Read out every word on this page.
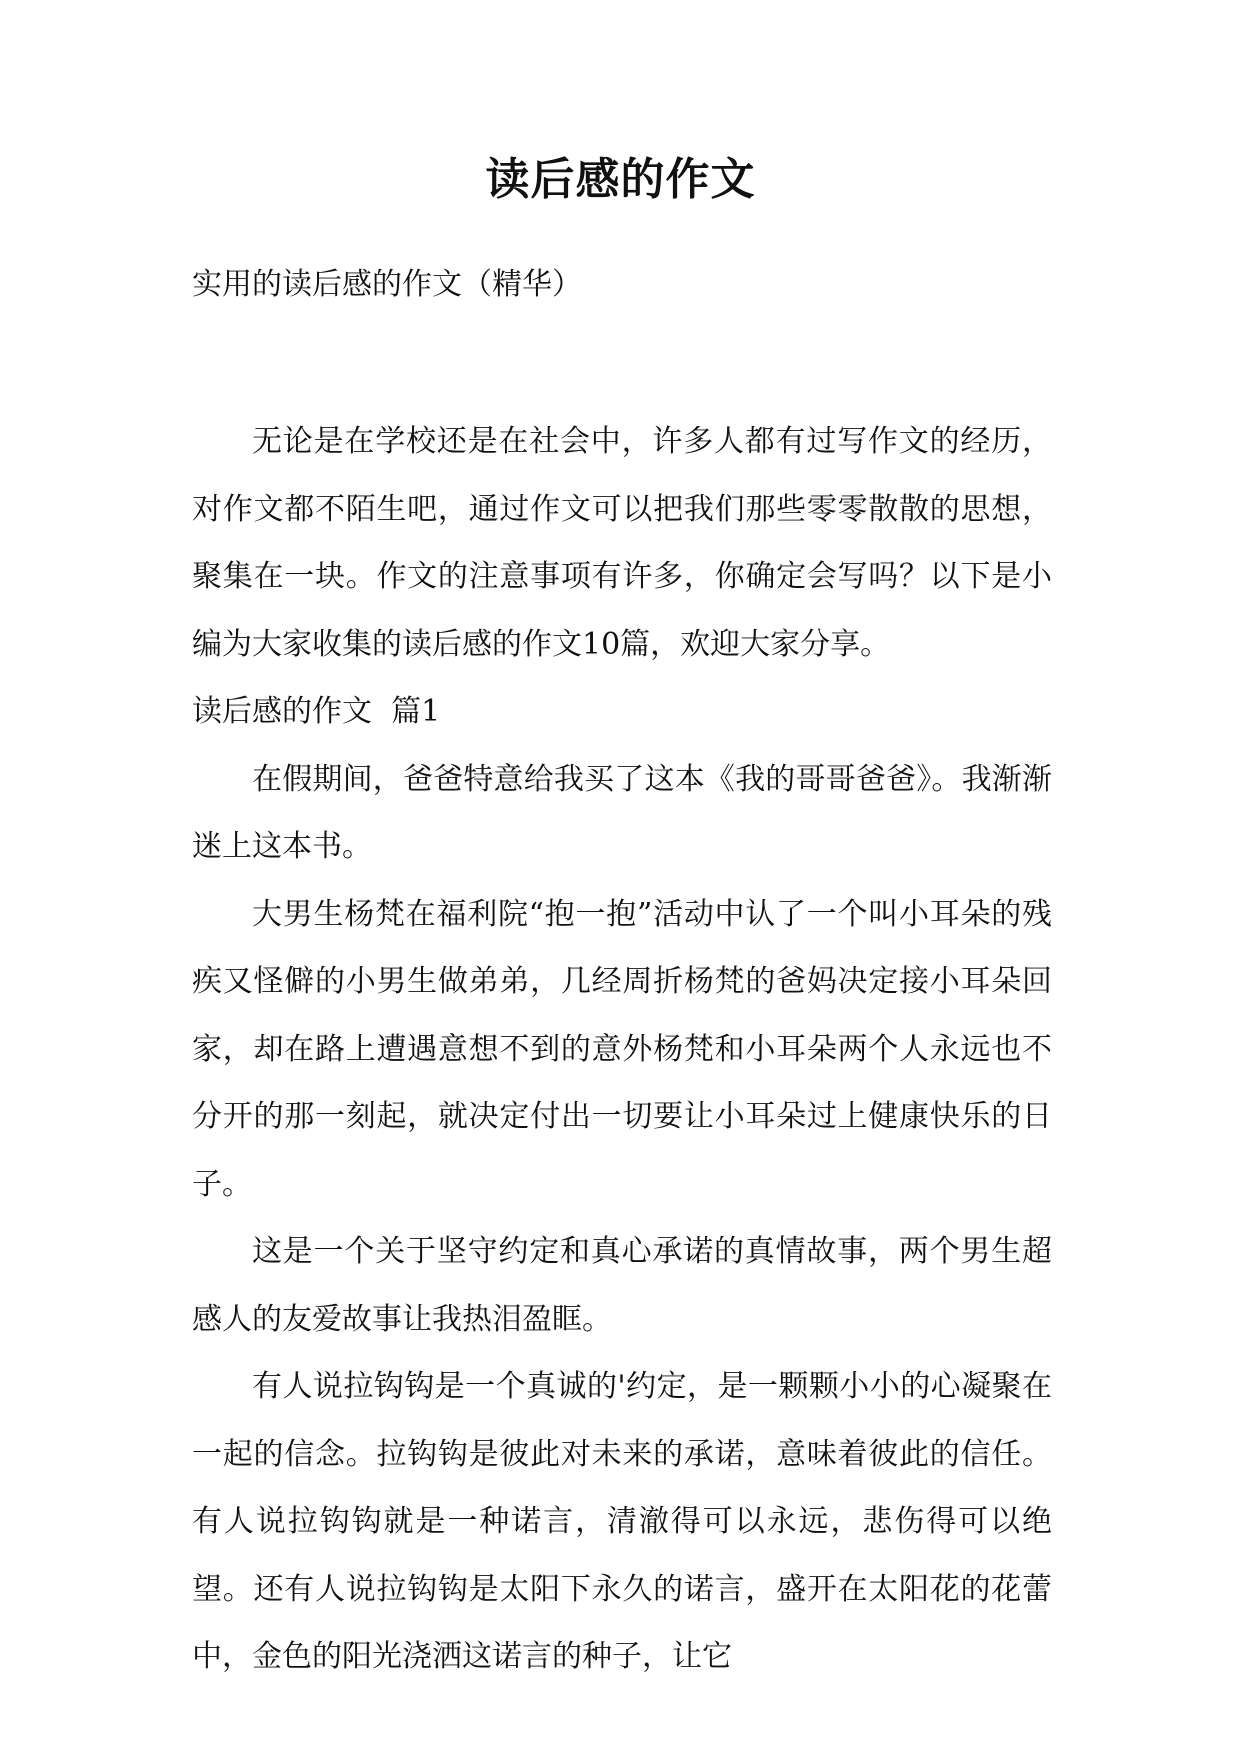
读后感的作文
实用的读后感的作文（精华）

无论是在学校还是在社会中，许多人都有过写作文的经历，对作文都不陌生吧，通过作文可以把我们那些零零散散的思想，聚集在一块。作文的注意事项有许多，你确定会写吗？以下是小编为大家收集的读后感的作文10篇，欢迎大家分享。

读后感的作文  篇1

在假期间，爸爸特意给我买了这本《我的哥哥爸爸》。我渐渐迷上这本书。

大男生杨梵在福利院“抱一抱”活动中认了一个叫小耳朵的残疾又怪僻的小男生做弟弟，几经周折杨梵的爸妈决定接小耳朵回家，却在路上遭遇意想不到的意外杨梵和小耳朵两个人永远也不分开的那一刻起，就决定付出一切要让小耳朵过上健康快乐的日子。

这是一个关于坚守约定和真心承诺的真情故事，两个男生超感人的友爱故事让我热泪盈眶。

有人说拉钩钩是一个真诚的'约定，是一颗颗小小的心凝聚在一起的信念。拉钩钩是彼此对未来的承诺，意味着彼此的信任。有人说拉钩钩就是一种诺言，清澈得可以永远，悲伤得可以绝望。还有人说拉钩钩是太阳下永久的诺言，盛开在太阳花的花蕾中，金色的阳光浇洒这诺言的种子，让它
